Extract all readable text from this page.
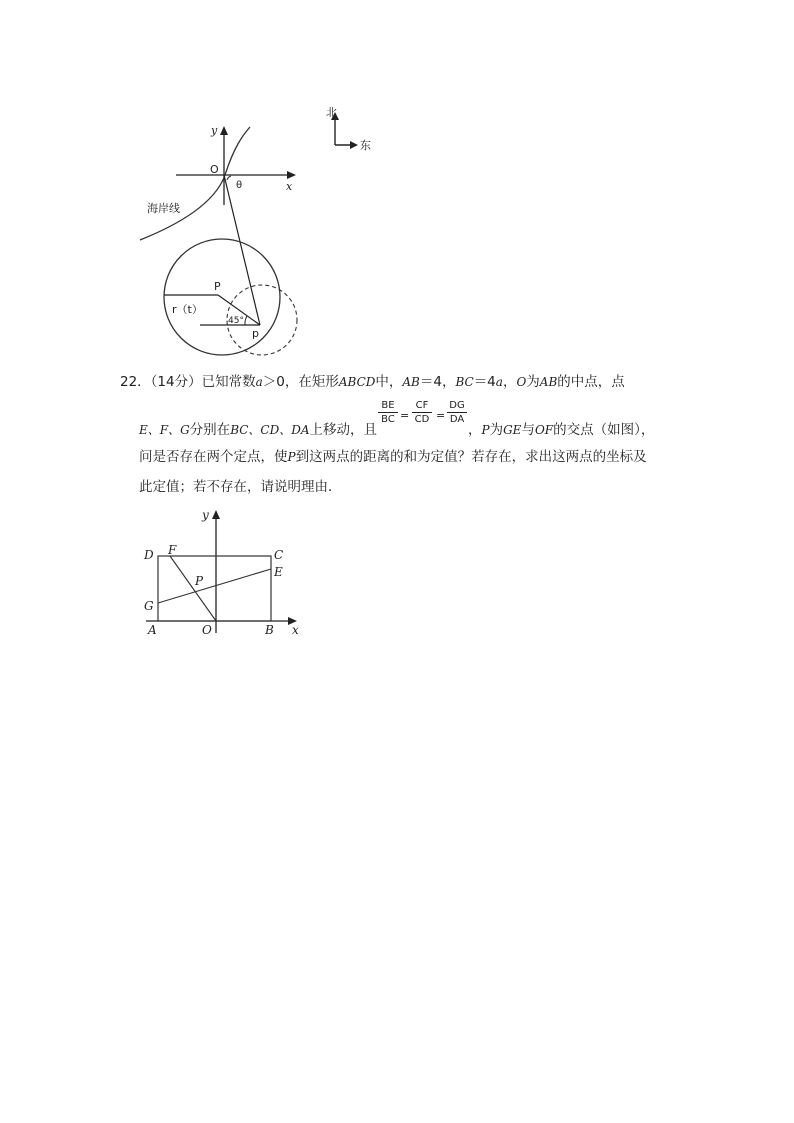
北
东
y
x
O
海岸线
θ
P
r（t）
45°
p
22．（14分）已知常数a＞0，在矩形ABCD中，AB＝4，BC＝4a，O为AB的中点，点
$\frac{BE}{BC} = \frac{CF}{CD} = \frac{DG}{DA}$
E、F、G分别在BC、CD、DA上移动，且	，P为GE与OF的交点（如图），
问是否存在两个定点，使P到这两点的距离的和为定值？若存在，求出这两点的坐标及
此定值；若不存在，请说明理由．
y
x
D F	C
E
P
G
A	O	B
